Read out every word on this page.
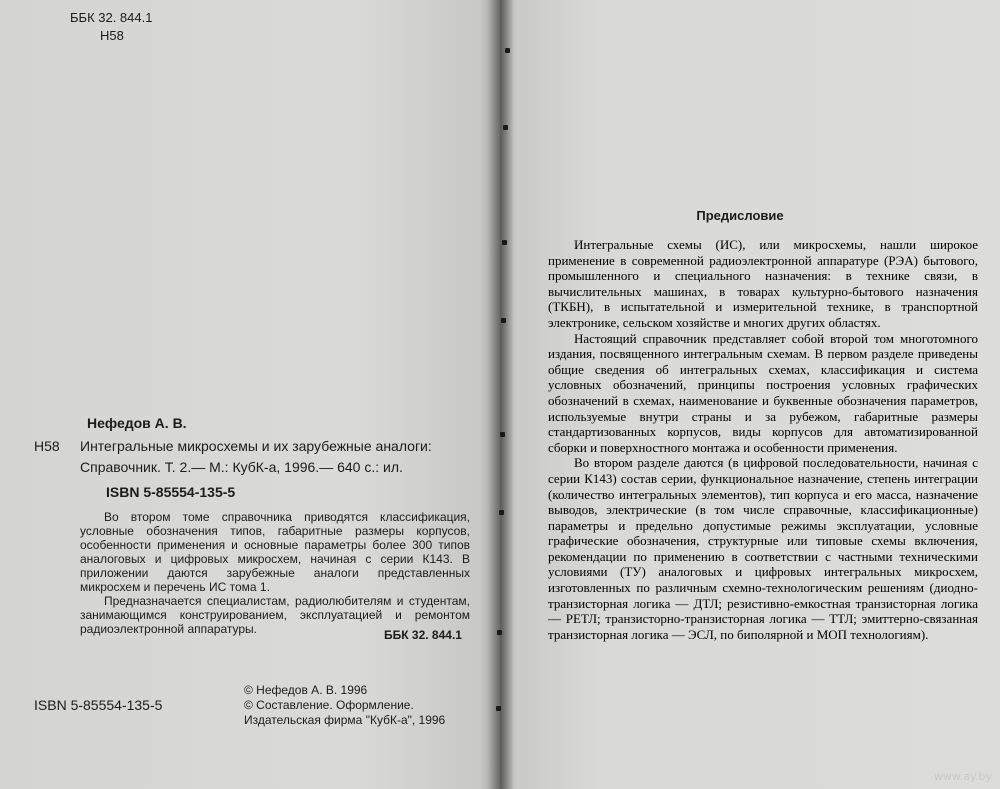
ББК 32. 844.1
Н58
Нефедов А. В.
Н58 Интегральные микросхемы и их зарубежные аналоги:
Справочник. Т. 2.— М.: КубК-а, 1996.— 640 с.: ил.
ISBN 5-85554-135-5

Во втором томе справочника приводятся классификация, условные обозначения типов, габаритные размеры корпусов, особенности применения и основные параметры более 300 типов аналоговых и цифровых микросхем, начиная с серии К143. В приложении даются зарубежные аналоги представленных микросхем и перечень ИС тома 1.

Предназначается специалистам, радиолюбителям и студентам, занимающимся конструированием, эксплуатацией и ремонтом радиоэлектронной аппаратуры.	ББК 32. 844.1
ISBN 5-85554-135-5
© Нефедов А. В. 1996
© Составление. Оформление.
Издательская фирма "КубК-а", 1996
Предисловие

Интегральные схемы (ИС), или микросхемы, нашли широкое применение в современной радиоэлектронной аппаратуре (РЭА) бытового, промышленного и специального назначения: в технике связи, в вычислительных машинах, в товарах культурно-бытового назначения (ТКБН), в испытательной и измерительной технике, в транспортной электронике, сельском хозяйстве и многих других областях.

Настоящий справочник представляет собой второй том многотомного издания, посвященного интегральным схемам. В первом разделе приведены общие сведения об интегральных схемах, классификация и система условных обозначений, принципы построения условных графических обозначений в схемах, наименование и буквенные обозначения параметров, используемые внутри страны и за рубежом, габаритные размеры стандартизованных корпусов, виды корпусов для автоматизированной сборки и поверхностного монтажа и особенности применения.

Во втором разделе даются (в цифровой последовательности, начиная с серии К143) состав серии, функциональное назначение, степень интеграции (количество интегральных элементов), тип корпуса и его масса, назначение выводов, электрические (в том числе справочные, классификационные) параметры и предельно допустимые режимы эксплуатации, условные графические обозначения, структурные или типовые схемы включения, рекомендации по применению в соответствии с частными техническими условиями (ТУ) аналоговых и цифровых интегральных микросхем, изготовленных по различным схемно-технологическим решениям (диодно-транзисторная логика — ДТЛ; резистивно-емкостная транзисторная логика — РЕТЛ; транзисторно-транзисторная логика — ТТЛ; эмиттерно-связанная транзисторная логика — ЭСЛ, по биполярной и МОП технологиям).

www.ay.by
